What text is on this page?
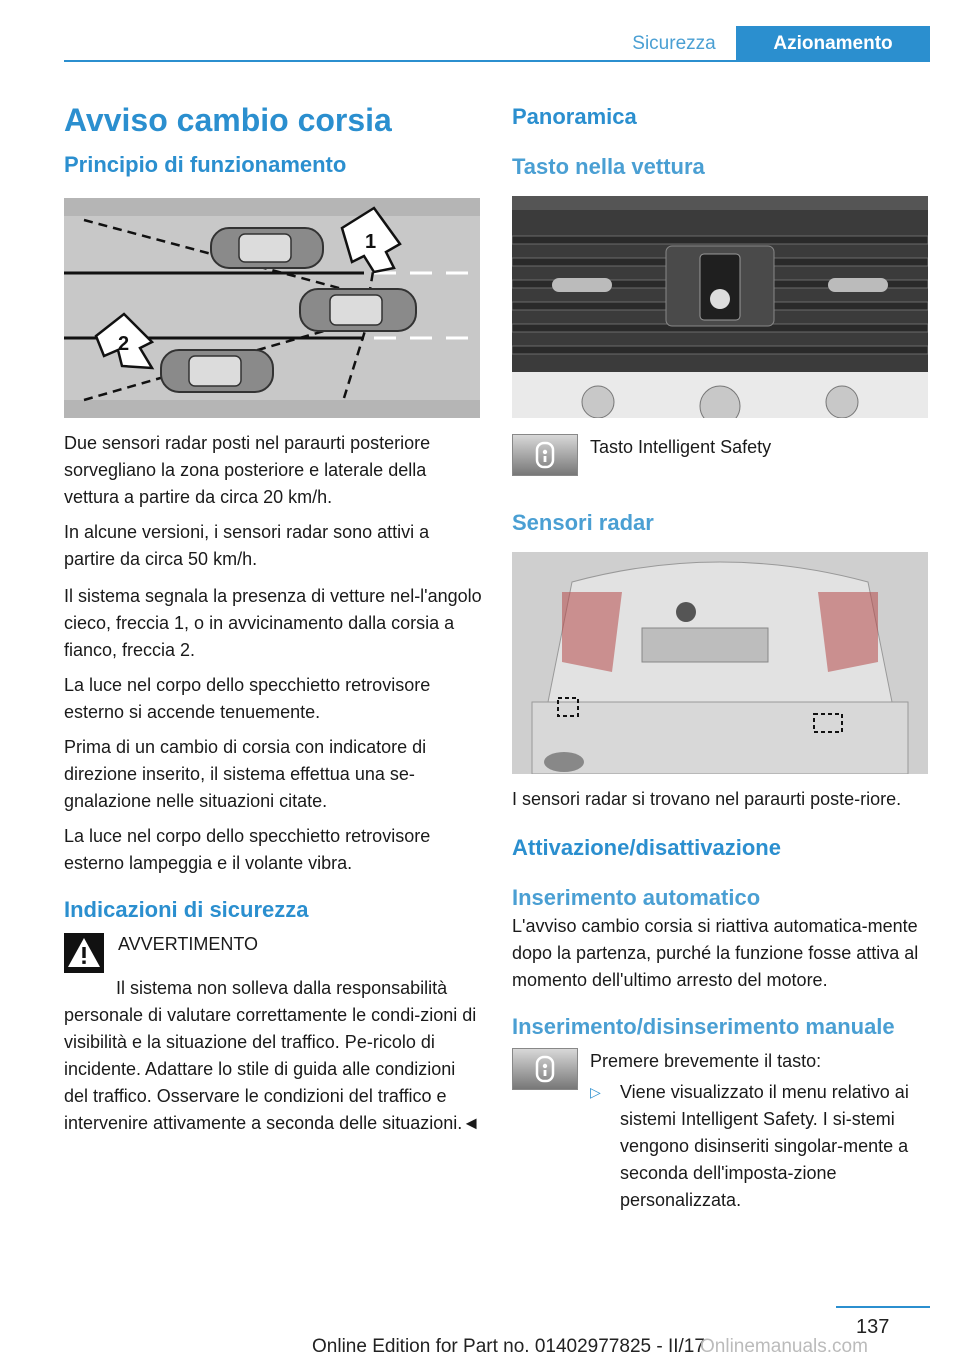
Sicurezza	Azionamento
Avviso cambio corsia
Principio di funzionamento
1
2

Due sensori radar posti nel paraurti posteriore sorvegliano la zona posteriore e laterale della vettura a partire da circa 20 km/h.

In alcune versioni, i sensori radar sono attivi a partire da circa 50 km/h.

Il sistema segnala la presenza di vetture nel-l'angolo cieco, freccia 1, o in avvicinamento dalla corsia a fianco, freccia 2.

La luce nel corpo dello specchietto retrovisore esterno si accende tenuemente.

Prima di un cambio di corsia con indicatore di direzione inserito, il sistema effettua una se-gnalazione nelle situazioni citate.

La luce nel corpo dello specchietto retrovisore esterno lampeggia e il volante vibra.

Indicazioni di sicurezza

AVVERTIMENTO

Il sistema non solleva dalla responsabilità personale di valutare correttamente le condi-zioni di visibilità e la situazione del traffico. Pe-ricolo di incidente. Adattare lo stile di guida alle condizioni del traffico. Osservare le condizioni del traffico e intervenire attivamente a seconda delle situazioni.◄

Panoramica
Tasto nella vettura

Tasto Intelligent Safety

Sensori radar

I sensori radar si trovano nel paraurti poste-riore.

Attivazione/disattivazione
Inserimento automatico

L'avviso cambio corsia si riattiva automatica-mente dopo la partenza, purché la funzione fosse attiva al momento dell'ultimo arresto del motore.

Inserimento/disinserimento manuale

Premere brevemente il tasto:

▷ Viene visualizzato il menu relativo ai sistemi Intelligent Safety. I si-stemi vengono disinseriti singolar-mente a seconda dell'imposta-zione personalizzata.

137
Online Edition for Part no. 01402977825 - II/17
Onlinemanuals.com
